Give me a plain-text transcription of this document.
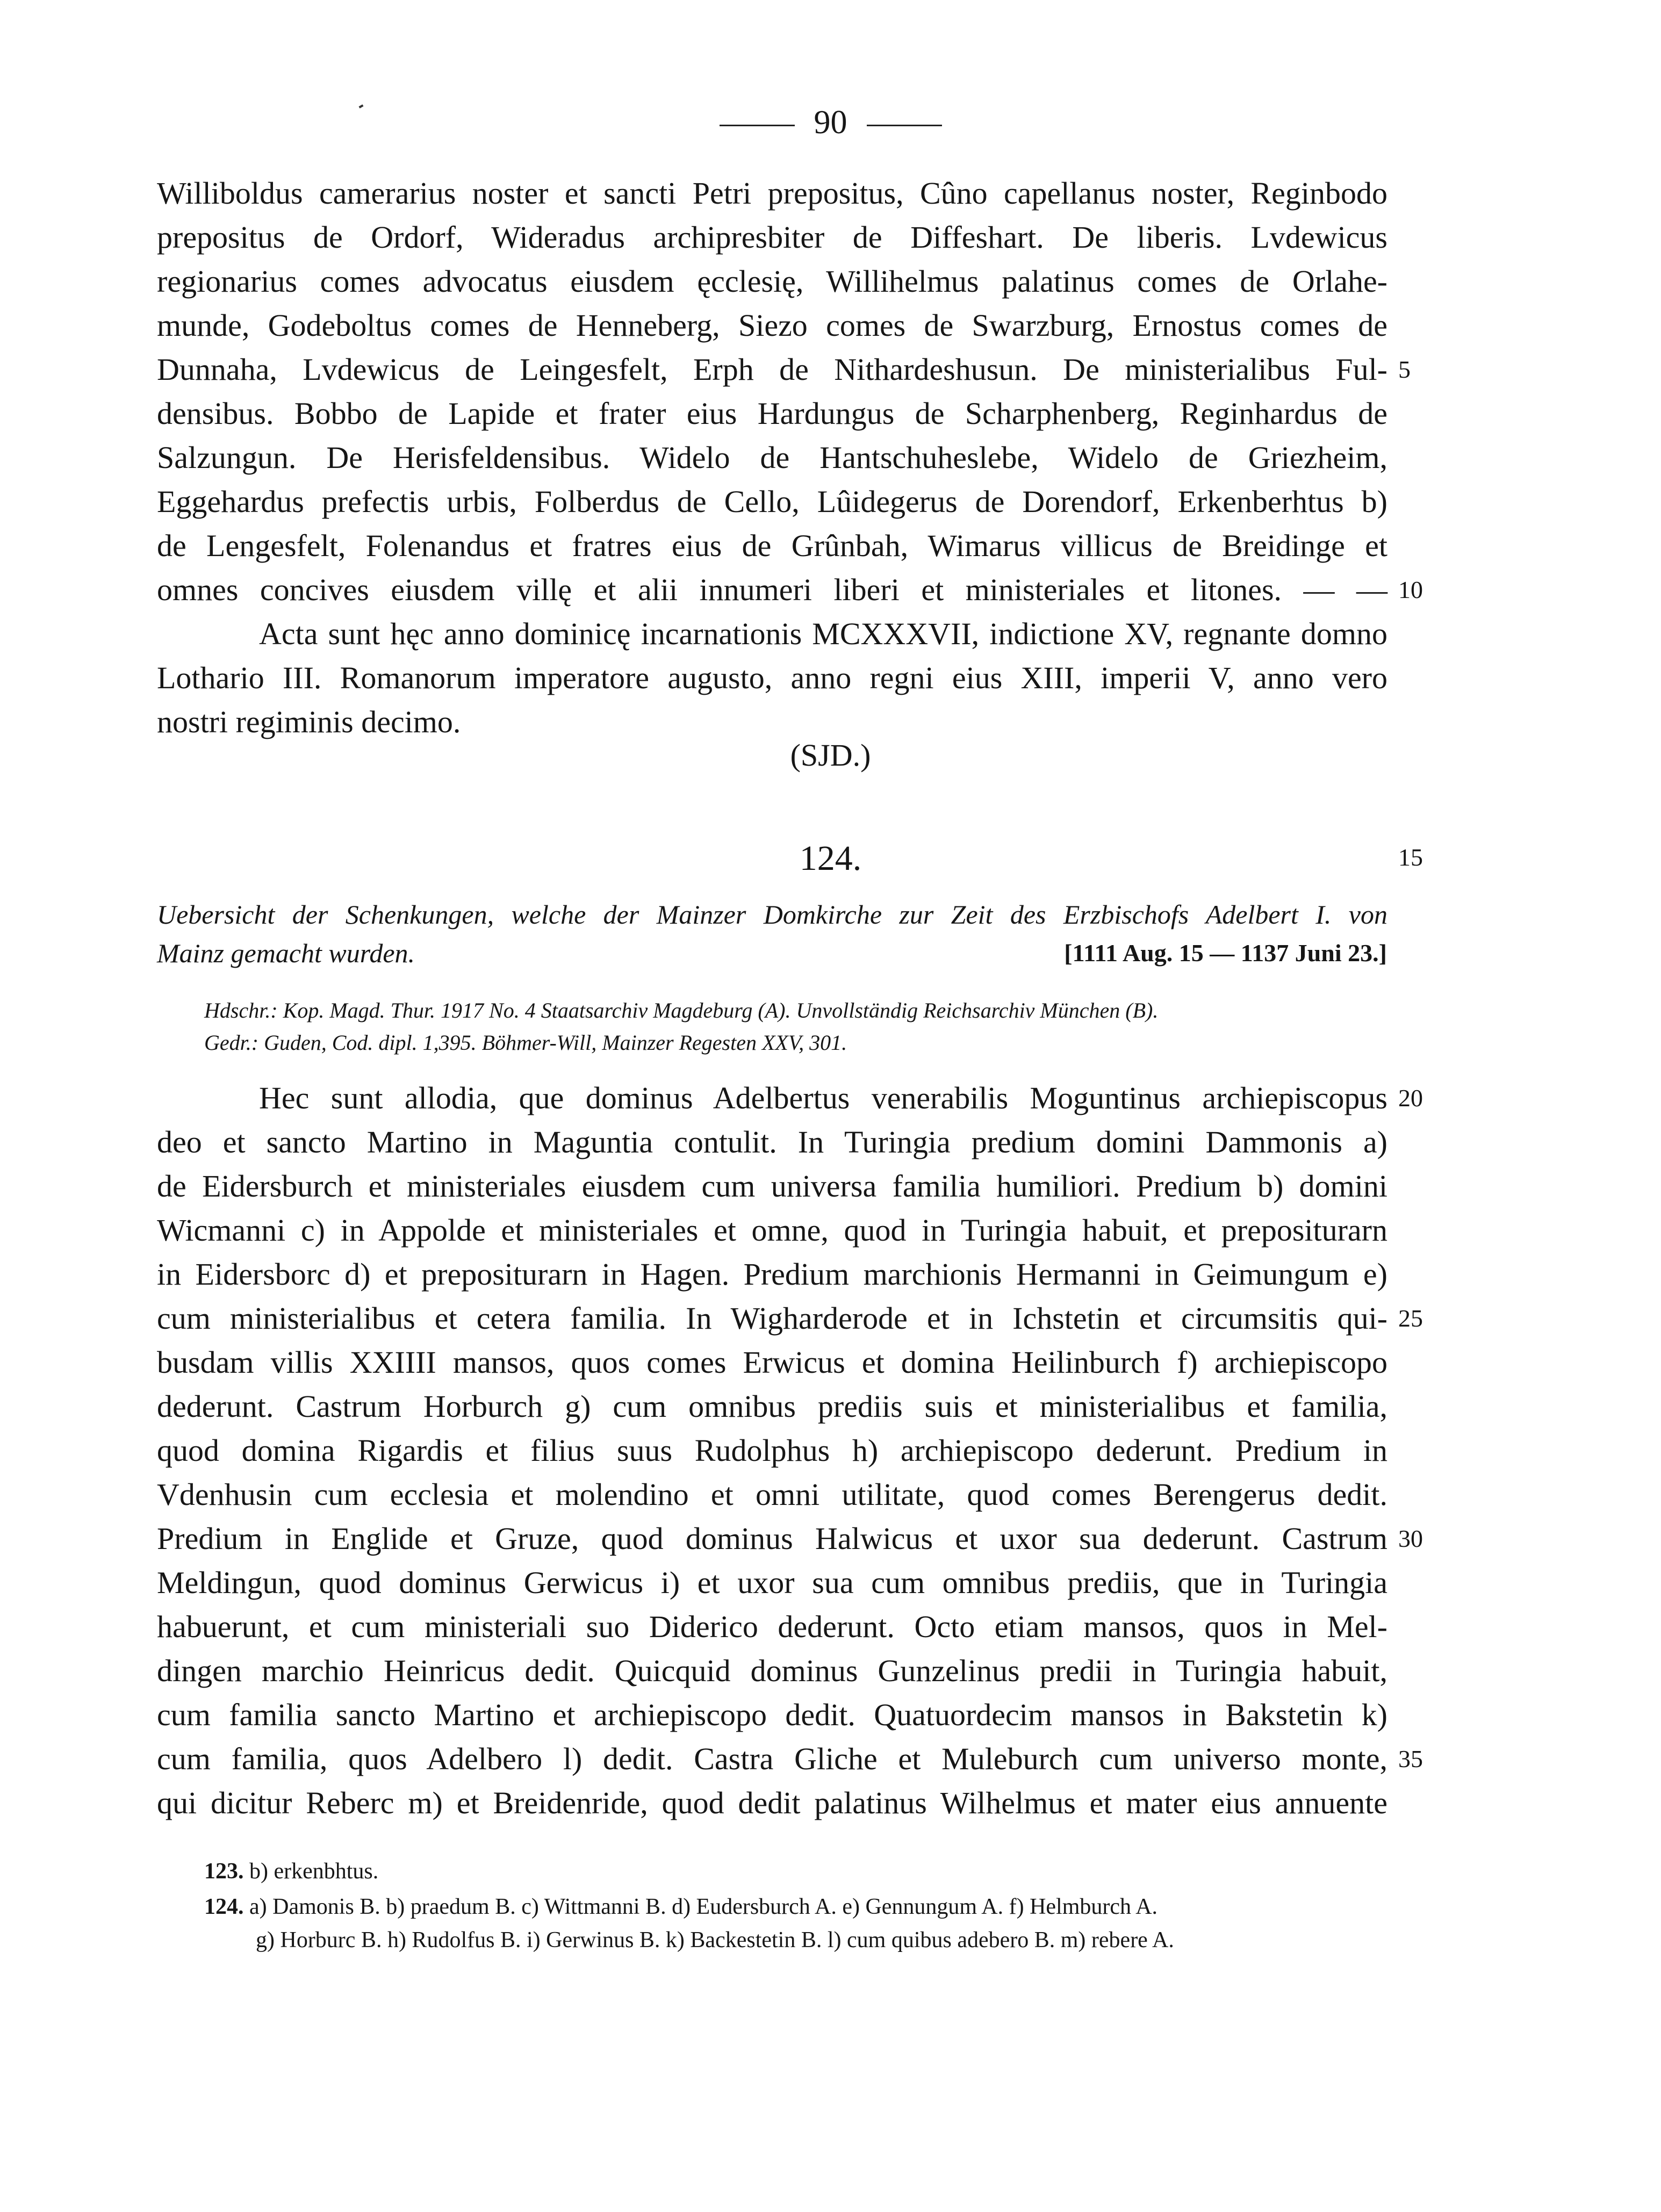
90
Williboldus camerarius noster et sancti Petri prepositus, Cûno capellanus noster, Reginbodo
prepositus de Ordorf, Wideradus archipresbiter de Diffeshart. De liberis. Lvdewicus
regionarius comes advocatus eiusdem ęcclesię, Willihelmus palatinus comes de Orlahe-
munde, Godeboltus comes de Henneberg, Siezo comes de Swarzburg, Ernostus comes de
Dunnaha, Lvdewicus de Leingesfelt, Erph de Nithardeshusun. De ministerialibus Ful-
densibus. Bobbo de Lapide et frater eius Hardungus de Scharphenberg, Reginhardus de
Salzungun. De Herisfeldensibus. Widelo de Hantschuheslebe, Widelo de Griezheim,
Eggehardus prefectis urbis, Folberdus de Cello, Lûidegerus de Dorendorf, Erkenberhtus b)
de Lengesfelt, Folenandus et fratres eius de Grûnbah, Wimarus villicus de Breidinge et
omnes concives eiusdem villę et alii innumeri liberi et ministeriales et litones. — —
Acta sunt hęc anno dominicę incarnationis MCXXXVII, indictione XV, regnante domno
Lothario III. Romanorum imperatore augusto, anno regni eius XIII, imperii V, anno vero
nostri regiminis decimo.
5
10
(SJD.)
124.	15
Uebersicht der Schenkungen, welche der Mainzer Domkirche zur Zeit des Erzbischofs Adelbert I. von
Mainz gemacht wurden.	[1111 Aug. 15 — 1137 Juni 23.]
Hdschr.: Kop. Magd. Thur. 1917 No. 4 Staatsarchiv Magdeburg (A). Unvollständig Reichsarchiv München (B).
Gedr.: Guden, Cod. dipl. 1,395. Böhmer-Will, Mainzer Regesten XXV, 301.
Hec sunt allodia, que dominus Adelbertus venerabilis Moguntinus archiepiscopus
deo et sancto Martino in Maguntia contulit. In Turingia predium domini Dammonis a)
de Eidersburch et ministeriales eiusdem cum universa familia humiliori. Predium b) domini
Wicmanni c) in Appolde et ministeriales et omne, quod in Turingia habuit, et prepositurarn
in Eidersborc d) et prepositurarn in Hagen. Predium marchionis Hermanni in Geimungum e)
cum ministerialibus et cetera familia. In Wigharderode et in Ichstetin et circumsitis qui-
busdam villis XXIIII mansos, quos comes Erwicus et domina Heilinburch f) archiepiscopo
dederunt. Castrum Horburch g) cum omnibus prediis suis et ministerialibus et familia,
quod domina Rigardis et filius suus Rudolphus h) archiepiscopo dederunt. Predium in
Vdenhusin cum ecclesia et molendino et omni utilitate, quod comes Berengerus dedit.
Predium in Englide et Gruze, quod dominus Halwicus et uxor sua dederunt. Castrum
Meldingun, quod dominus Gerwicus i) et uxor sua cum omnibus prediis, que in Turingia
habuerunt, et cum ministeriali suo Diderico dederunt. Octo etiam mansos, quos in Mel-
dingen marchio Heinricus dedit. Quicquid dominus Gunzelinus predii in Turingia habuit,
cum familia sancto Martino et archiepiscopo dedit. Quatuordecim mansos in Bakstetin k)
cum familia, quos Adelbero l) dedit. Castra Gliche et Muleburch cum universo monte,
qui dicitur Reberc m) et Breidenride, quod dedit palatinus Wilhelmus et mater eius annuente
20
25
30
35
123. b) erkenbhtus.
124. a) Damonis B. b) praedum B. c) Wittmanni B. d) Eudersburch A. e) Gennungum A. f) Helmburch A.
g) Horburc B. h) Rudolfus B. i) Gerwinus B. k) Backestetin B. l) cum quibus adebero B. m) rebere A.
